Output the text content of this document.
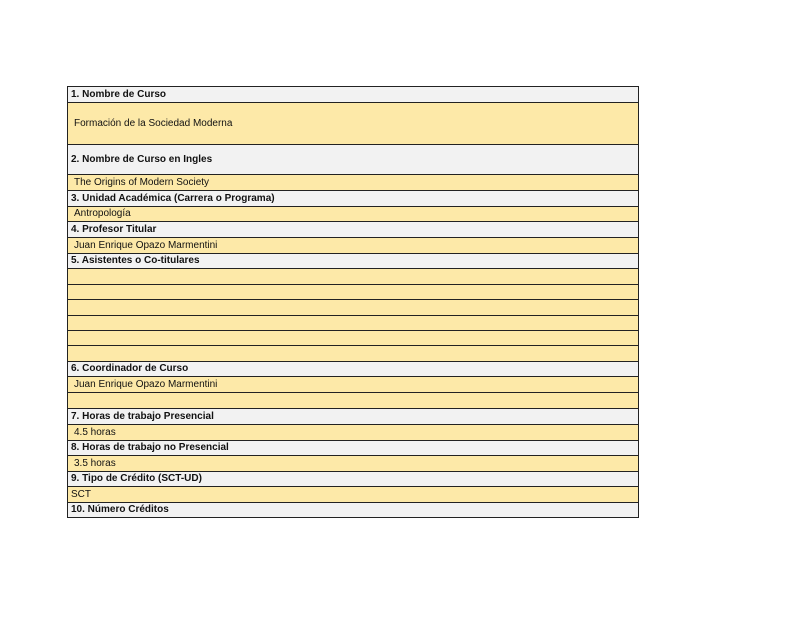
1. Nombre de Curso
Formación de la Sociedad Moderna
2. Nombre de Curso en Ingles
The Origins of Modern Society
3. Unidad Académica (Carrera o Programa)
Antropología
4. Profesor Titular
Juan Enrique Opazo Marmentini
5. Asistentes o Co-titulares
6. Coordinador de Curso
Juan Enrique Opazo Marmentini
7. Horas de trabajo Presencial
4.5 horas
8. Horas de trabajo no Presencial
3.5 horas
9. Tipo de Crédito (SCT-UD)
SCT
10. Número Créditos
